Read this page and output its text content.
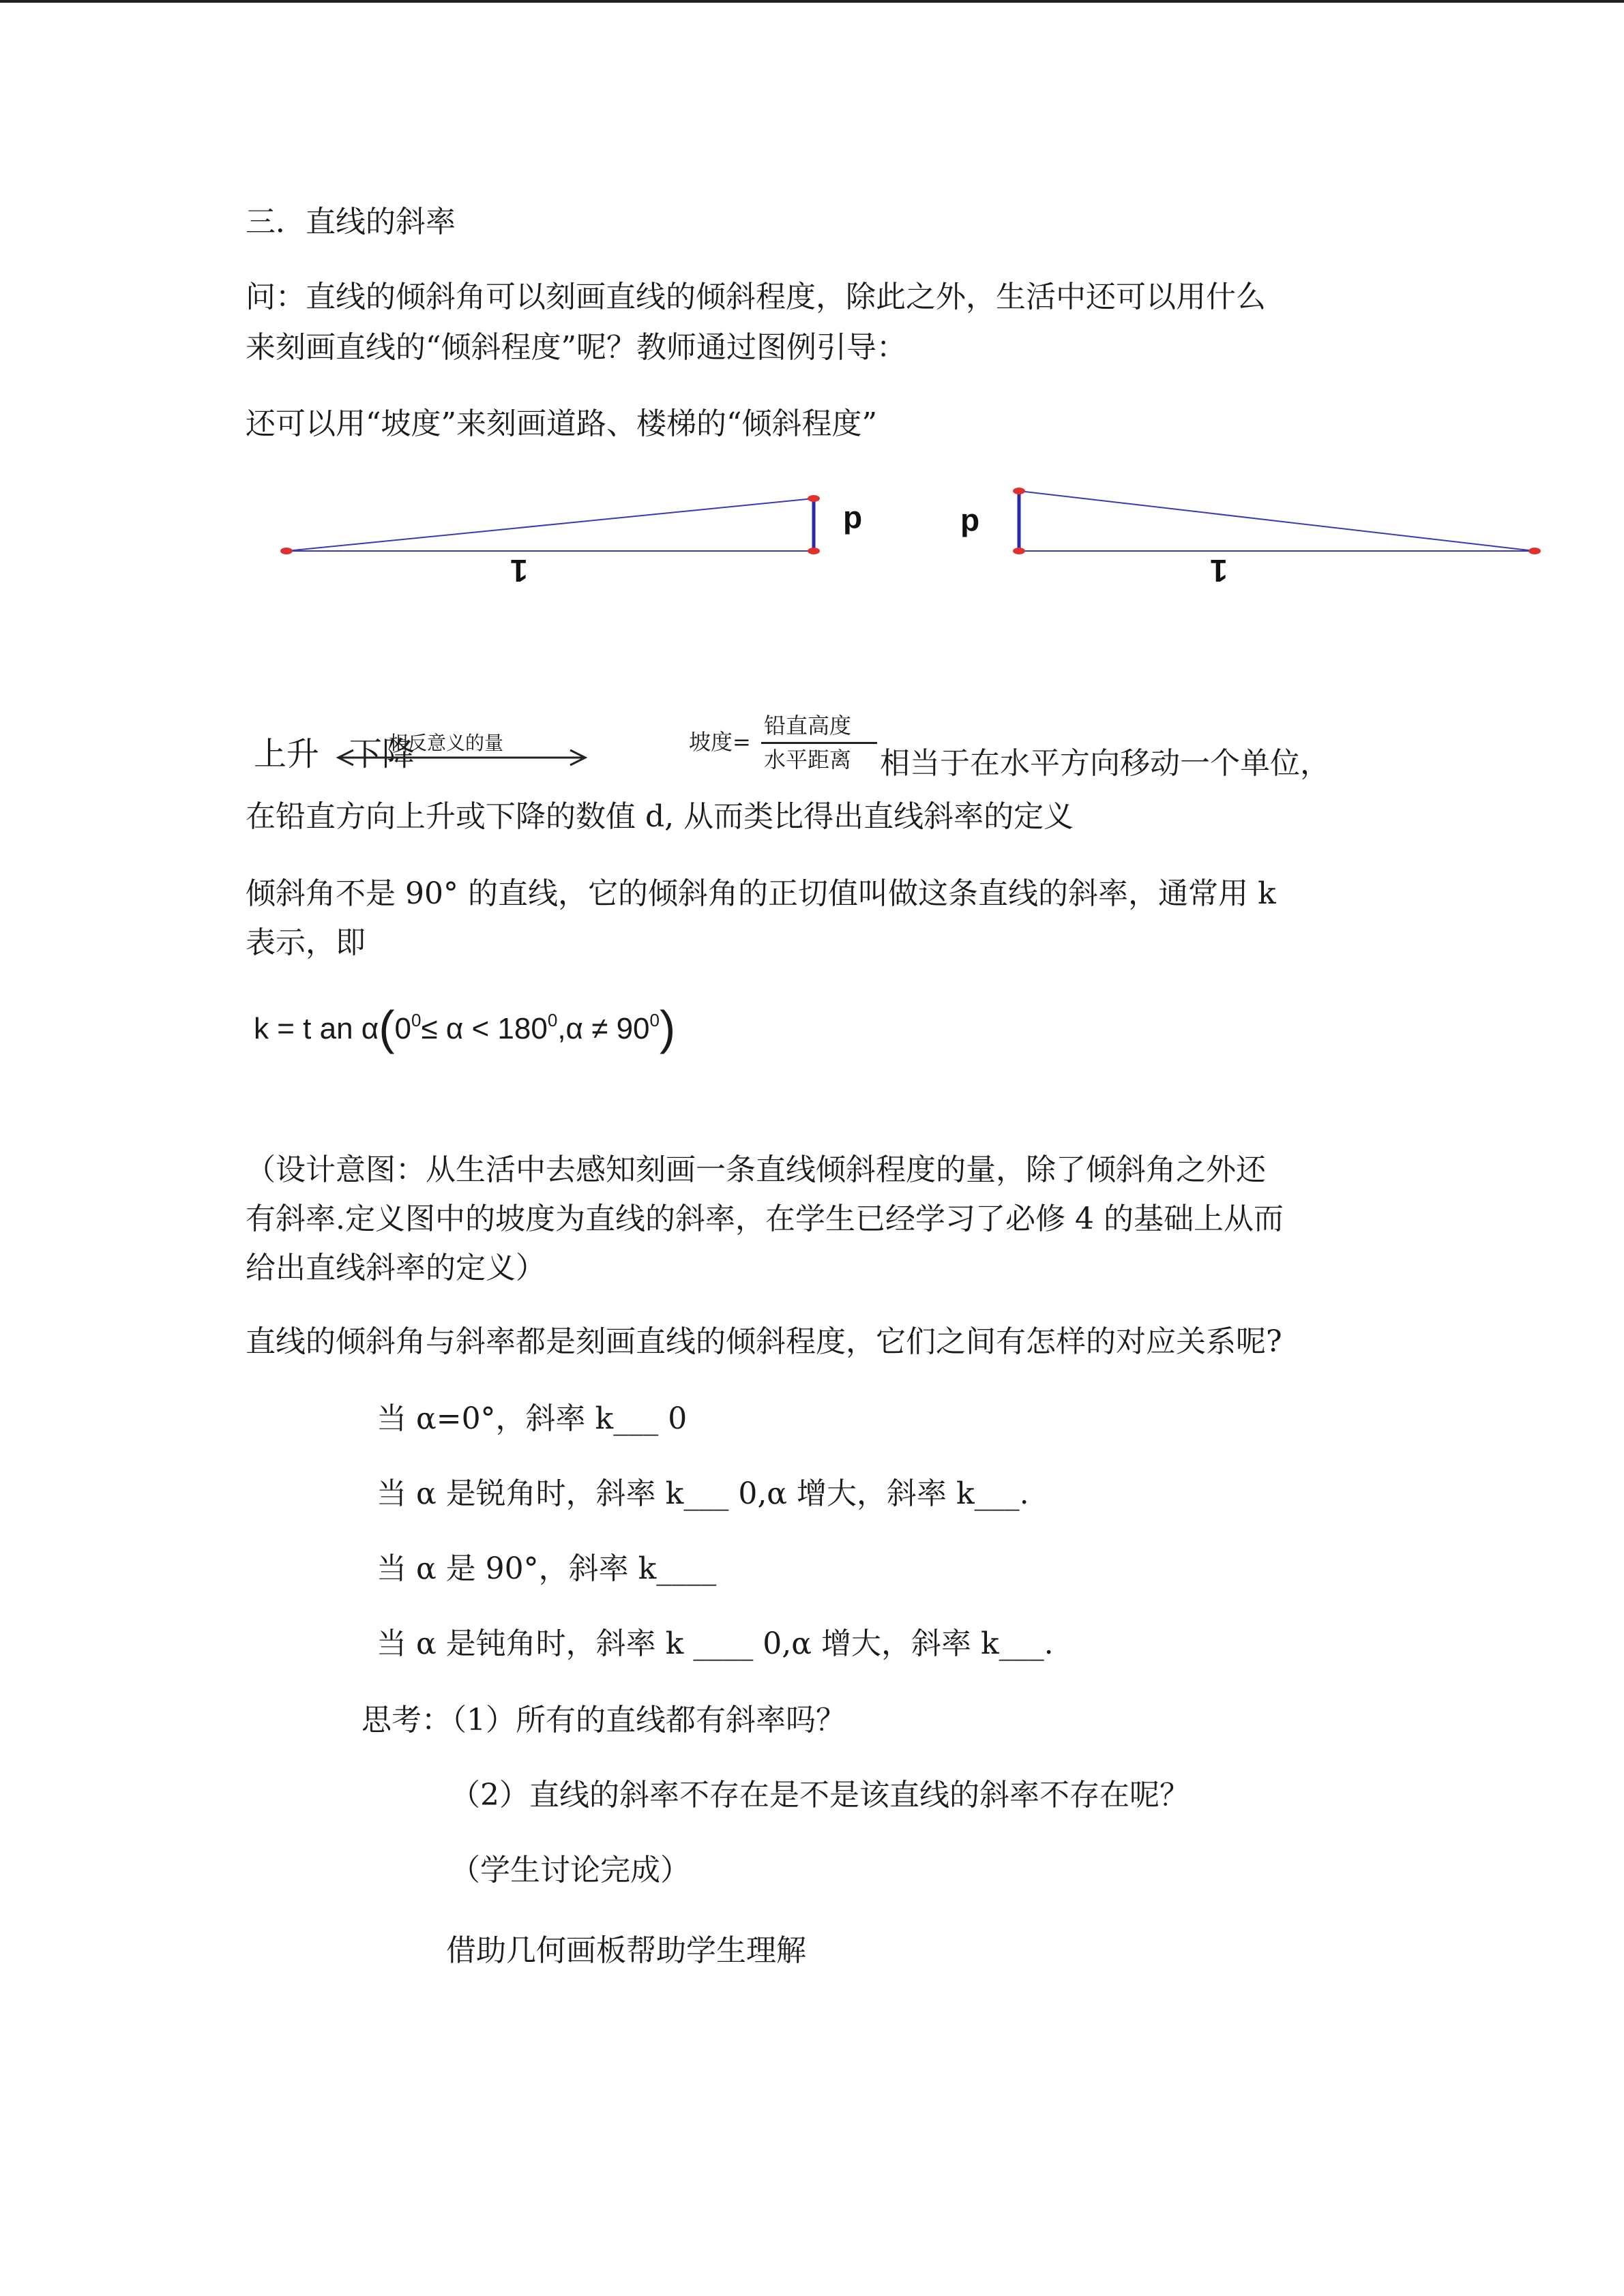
三．直线的斜率

问：直线的倾斜角可以刻画直线的倾斜程度，除此之外，生活中还可以用什么

来刻画直线的“倾斜程度”呢？教师通过图例引导：

还可以用“坡度”来刻画道路、楼梯的“倾斜程度”

d
1
d
1
上升 下降
相反意义的量	坡度=
铅直高度
水平距离 相当于在水平方向移动一个单位，

在铅直方向上升或下降的数值 d, 从而类比得出直线斜率的定义

倾斜角不是 90° 的直线，它的倾斜角的正切值叫做这条直线的斜率，通常用 k

表示，即

k = t an $\alpha(0^0\le \alpha < 180^0,\alpha \ne 90^0)$

（设计意图：从生活中去感知刻画一条直线倾斜程度的量，除了倾斜角之外还

有斜率.定义图中的坡度为直线的斜率，在学生已经学习了必修 4 的基础上从而

给出直线斜率的定义）

直线的倾斜角与斜率都是刻画直线的倾斜程度，它们之间有怎样的对应关系呢?

当 α=0°，斜率 k___ 0

当 α 是锐角时，斜率 k___ 0,α 增大，斜率 k___.

当 α 是 90°，斜率 k____

当 α 是钝角时，斜率 k ____ 0,α 增大，斜率 k___.

思考：（1）所有的直线都有斜率吗？

（2）直线的斜率不存在是不是该直线的斜率不存在呢？

（学生讨论完成）

借助几何画板帮助学生理解
